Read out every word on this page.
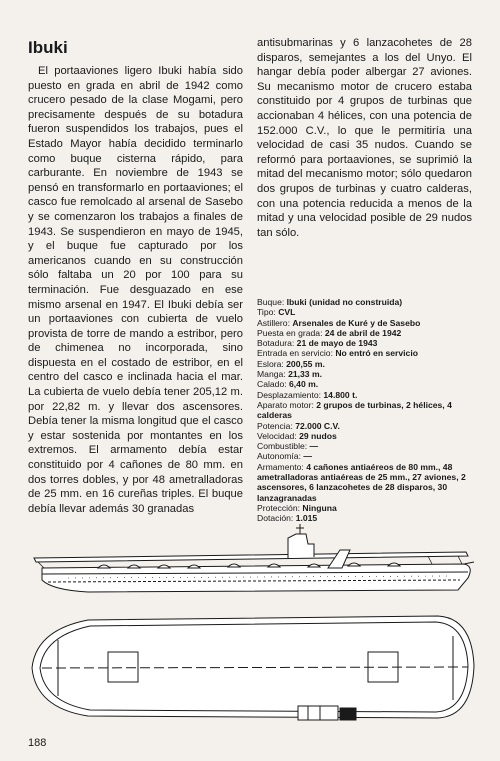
Ibuki

El portaaviones ligero Ibuki había sido puesto en grada en abril de 1942 como crucero pesado de la clase Mogami, pero precisamente después de su botadura fueron suspendidos los trabajos, pues el Estado Mayor había decidido terminarlo como buque cisterna rápido, para carburante. En noviembre de 1943 se pensó en transformarlo en portaaviones; el casco fue remolcado al arsenal de Sasebo y se comenzaron los trabajos a finales de 1943. Se suspendieron en mayo de 1945, y el buque fue capturado por los americanos cuando en su construcción sólo faltaba un 20 por 100 para su terminación. Fue desguazado en ese mismo arsenal en 1947. El Ibuki debía ser un portaaviones con cubierta de vuelo provista de torre de mando a estribor, pero de chimenea no incorporada, sino dispuesta en el costado de estribor, en el centro del casco e inclinada hacia el mar. La cubierta de vuelo debía tener 205,12 m. por 22,82 m. y llevar dos ascensores. Debía tener la misma longitud que el casco y estar sostenida por montantes en los extremos. El armamento debía estar constituido por 4 cañones de 80 mm. en dos torres dobles, y por 48 ametralladoras de 25 mm. en 16 cureñas triples. El buque debía llevar además 30 granadas

antisubmarinas y 6 lanzacohetes de 28 disparos, semejantes a los del Unyo. El hangar debía poder albergar 27 aviones. Su mecanismo motor de crucero estaba constituido por 4 grupos de turbinas que accionaban 4 hélices, con una potencia de 152.000 C.V., lo que le permitiría una velocidad de casi 35 nudos. Cuando se reformó para portaaviones, se suprimió la mitad del mecanismo motor; sólo quedaron dos grupos de turbinas y cuatro calderas, con una potencia reducida a menos de la mitad y una velocidad posible de 29 nudos tan sólo.

Buque: Ibuki (unidad no construida)
Tipo: CVL
Astillero: Arsenales de Kuré y de Sasebo
Puesta en grada: 24 de abril de 1942
Botadura: 21 de mayo de 1943
Entrada en servicio: No entró en servicio
Eslora: 200,55 m.
Manga: 21,33 m.
Calado: 6,40 m.
Desplazamiento: 14.800 t.
Aparato motor: 2 grupos de turbinas, 2 hélices, 4 calderas
Potencia: 72.000 C.V.
Velocidad: 29 nudos
Combustible: —
Autonomía: —
Armamento: 4 cañones antiaéreos de 80 mm., 48 ametralladoras antiaéreas de 25 mm., 27 aviones, 2 ascensores, 6 lanzacohetes de 28 disparos, 30 lanzagranadas
Protección: Ninguna
Dotación: 1.015
188
